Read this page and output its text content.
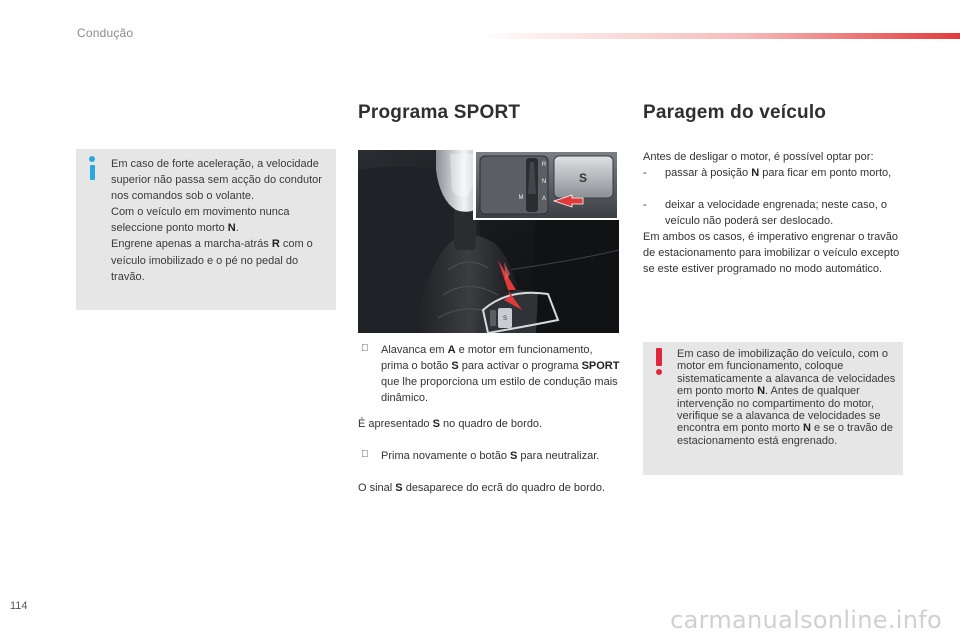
Condução
Em caso de forte aceleração, a velocidade superior não passa sem acção do condutor nos comandos sob o volante.
Com o veículo em movimento nunca seleccione ponto morto N.
Engrene apenas a marcha-atrás R com o veículo imobilizado e o pé no pedal do travão.
Programa SPORT	Paragem do veículo
S
S
R
N
A
M
Alavanca em A e motor em funcionamento, prima o botão S para activar o programa SPORT que lhe proporciona um estilo de condução mais dinâmico.
É apresentado S no quadro de bordo.
Prima novamente o botão S para neutralizar.
O sinal S desaparece do ecrã do quadro de bordo.
Antes de desligar o motor, é possível optar por:
- passar à posição N para ficar em ponto morto,
- deixar a velocidade engrenada; neste caso, o veículo não poderá ser deslocado.
Em ambos os casos, é imperativo engrenar o travão de estacionamento para imobilizar o veículo excepto se este estiver programado no modo automático.
Em caso de imobilização do veículo, com o motor em funcionamento, coloque sistematicamente a alavanca de velocidades em ponto morto N. Antes de qualquer intervenção no compartimento do motor, verifique se a alavanca de velocidades se encontra em ponto morto N e se o travão de estacionamento está engrenado.
114	carmanualsonline.info
